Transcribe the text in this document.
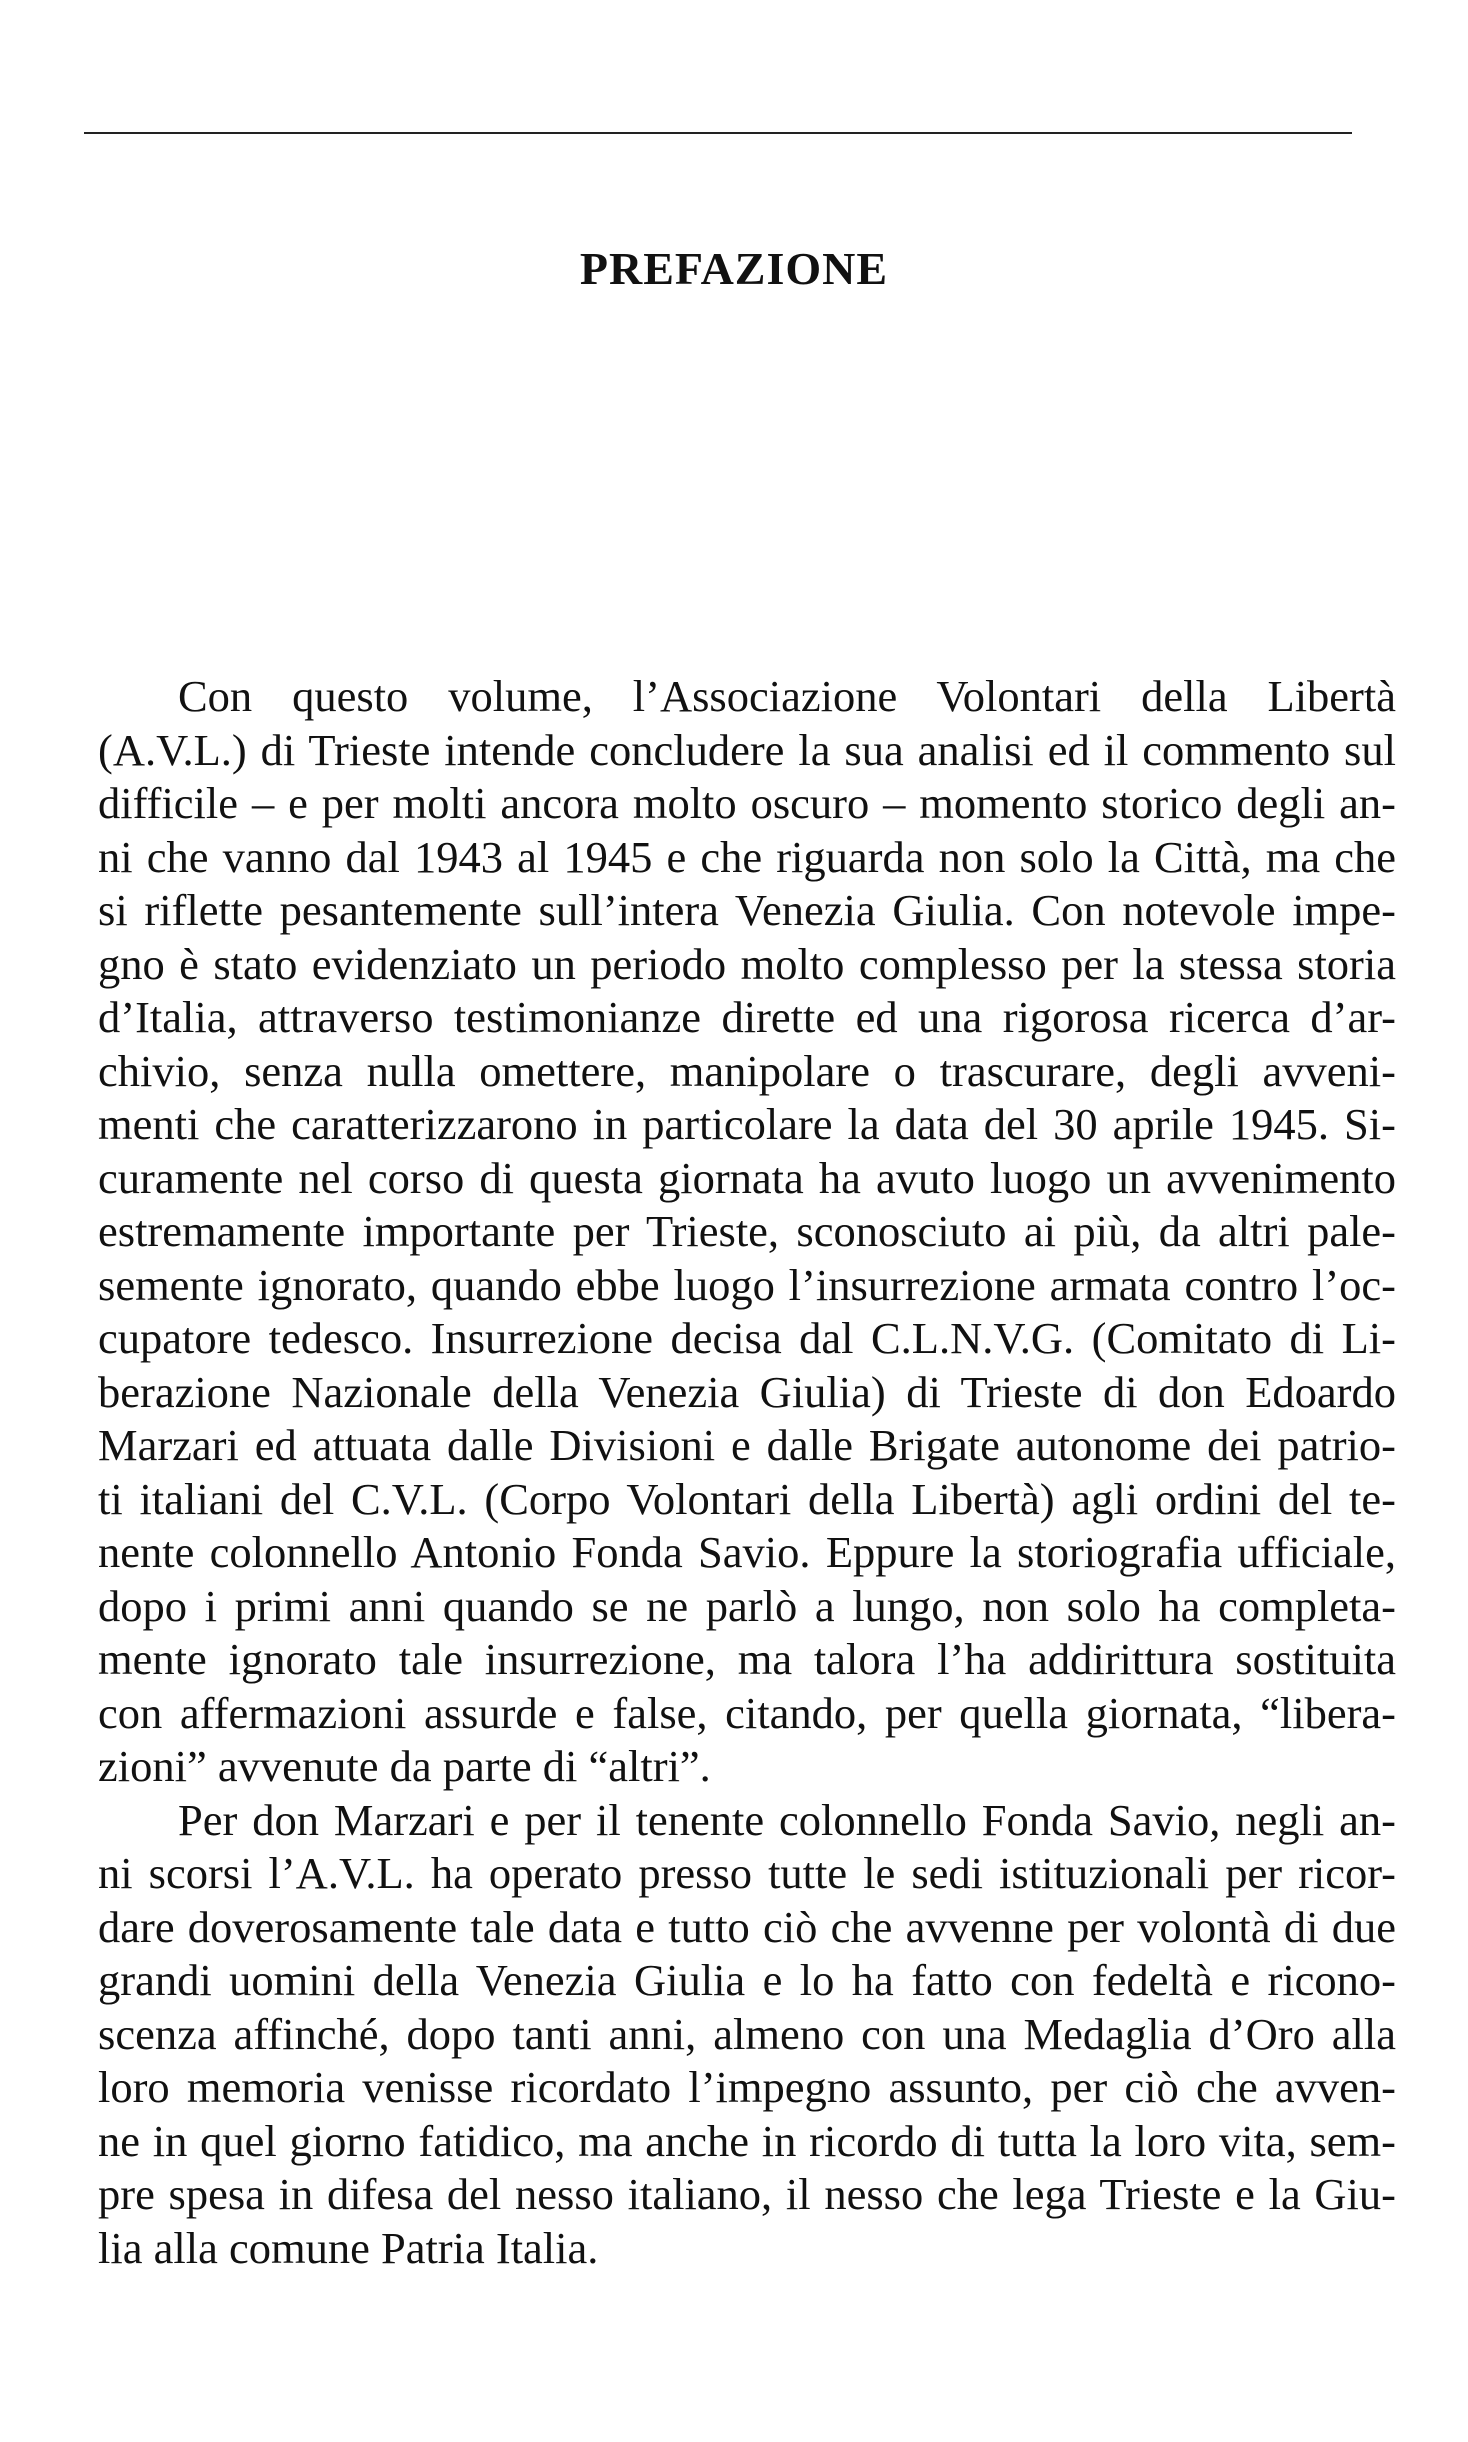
PREFAZIONE
Con questo volume, l’Associazione Volontari della Libertà
(A.V.L.) di Trieste intende concludere la sua analisi ed il commento sul
difficile – e per molti ancora molto oscuro – momento storico degli an-
ni che vanno dal 1943 al 1945 e che riguarda non solo la Città, ma che
si riflette pesantemente sull’intera Venezia Giulia. Con notevole impe-
gno è stato evidenziato un periodo molto complesso per la stessa storia
d’Italia, attraverso testimonianze dirette ed una rigorosa ricerca d’ar-
chivio, senza nulla omettere, manipolare o trascurare, degli avveni-
menti che caratterizzarono in particolare la data del 30 aprile 1945. Si-
curamente nel corso di questa giornata ha avuto luogo un avvenimento
estremamente importante per Trieste, sconosciuto ai più, da altri pale-
semente ignorato, quando ebbe luogo l’insurrezione armata contro l’oc-
cupatore tedesco. Insurrezione decisa dal C.L.N.V.G. (Comitato di Li-
berazione Nazionale della Venezia Giulia) di Trieste di don Edoardo
Marzari ed attuata dalle Divisioni e dalle Brigate autonome dei patrio-
ti italiani del C.V.L. (Corpo Volontari della Libertà) agli ordini del te-
nente colonnello Antonio Fonda Savio. Eppure la storiografia ufficiale,
dopo i primi anni quando se ne parlò a lungo, non solo ha completa-
mente ignorato tale insurrezione, ma talora l’ha addirittura sostituita
con affermazioni assurde e false, citando, per quella giornata, “libera-
zioni” avvenute da parte di “altri”.
Per don Marzari e per il tenente colonnello Fonda Savio, negli an-
ni scorsi l’A.V.L. ha operato presso tutte le sedi istituzionali per ricor-
dare doverosamente tale data e tutto ciò che avvenne per volontà di due
grandi uomini della Venezia Giulia e lo ha fatto con fedeltà e ricono-
scenza affinché, dopo tanti anni, almeno con una Medaglia d’Oro alla
loro memoria venisse ricordato l’impegno assunto, per ciò che avven-
ne in quel giorno fatidico, ma anche in ricordo di tutta la loro vita, sem-
pre spesa in difesa del nesso italiano, il nesso che lega Trieste e la Giu-
lia alla comune Patria Italia.
